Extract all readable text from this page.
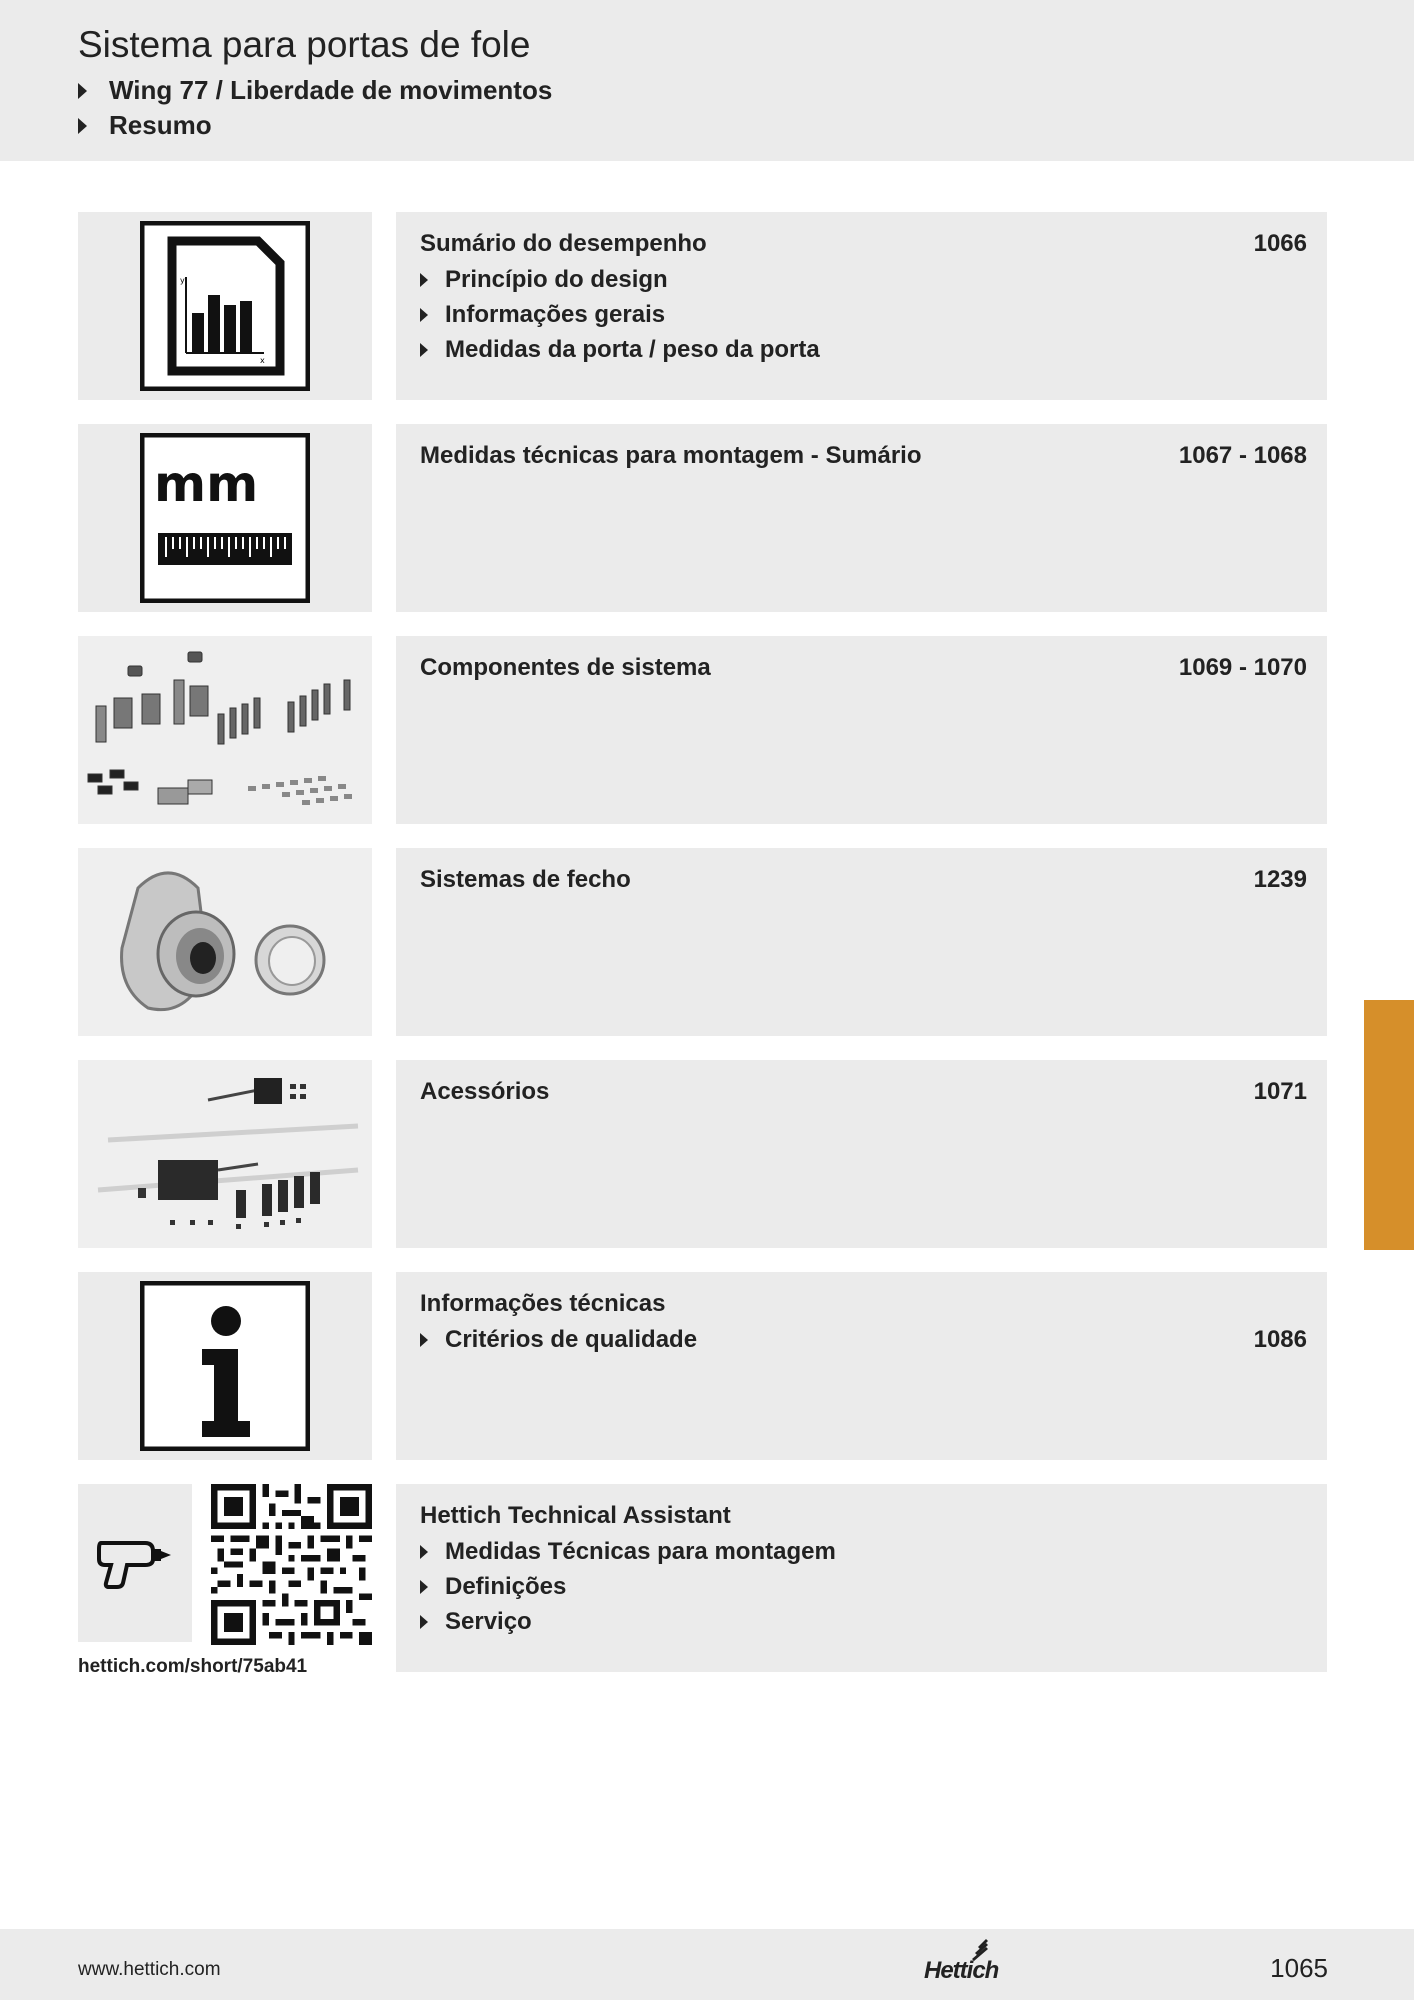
Sistema para portas de fole
Wing 77 / Liberdade de movimentos
Resumo
y
x
Sumário do desempenho	1066
Princípio do design
Informações gerais
Medidas da porta / peso da porta
mm	Medidas técnicas para montagem - Sumário	1067 - 1068
Componentes de sistema	1069 - 1070
Sistemas de fecho	1239
Acessórios	1071
Informações técnicas
Critérios de qualidade	1086
hettich.com/short/75ab41
Hettich Technical Assistant
Medidas Técnicas para montagem
Definições
Serviço
www.hettich.com	Hettich	1065
